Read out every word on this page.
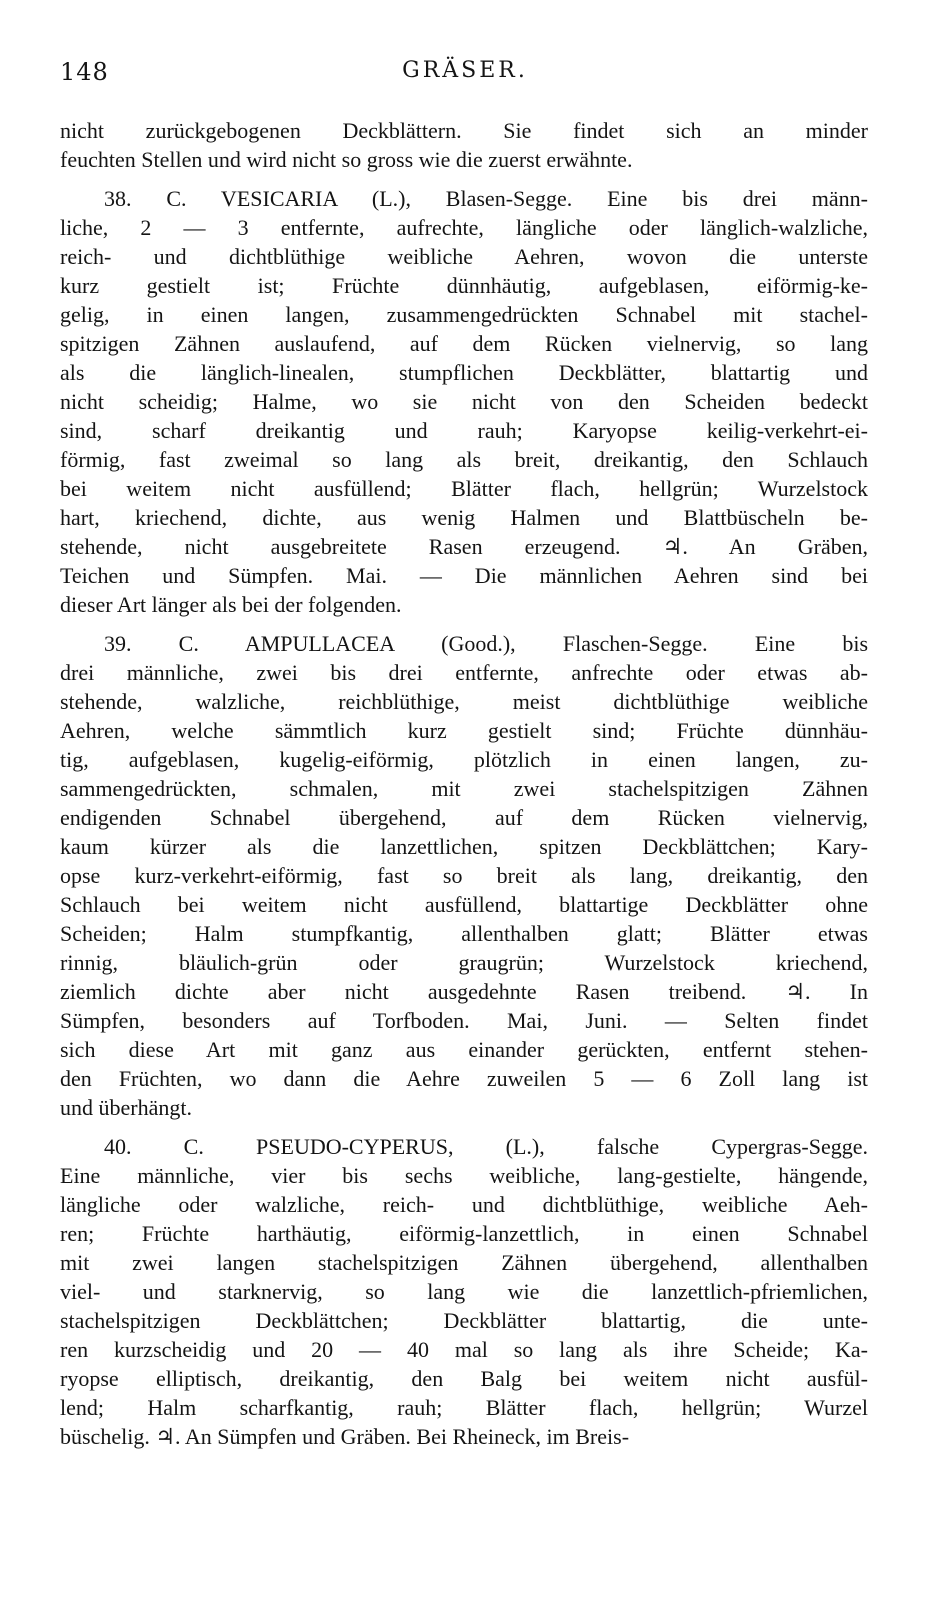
148	GRÄSER.
nicht zurückgebogenen Deckblättern. Sie findet sich an minder
feuchten Stellen und wird nicht so gross wie die zuerst erwähnte.
38. C. VESICARIA (L.), Blasen-Segge. Eine bis drei männ-
liche, 2 — 3 entfernte, aufrechte, längliche oder länglich-walzliche,
reich- und dichtblüthige weibliche Aehren, wovon die unterste
kurz gestielt ist; Früchte dünnhäutig, aufgeblasen, eiförmig-ke-
gelig, in einen langen, zusammengedrückten Schnabel mit stachel-
spitzigen Zähnen auslaufend, auf dem Rücken vielnervig, so lang
als die länglich-linealen, stumpflichen Deckblätter, blattartig und
nicht scheidig; Halme, wo sie nicht von den Scheiden bedeckt
sind, scharf dreikantig und rauh; Karyopse keilig-verkehrt-ei-
förmig, fast zweimal so lang als breit, dreikantig, den Schlauch
bei weitem nicht ausfüllend; Blätter flach, hellgrün; Wurzelstock
hart, kriechend, dichte, aus wenig Halmen und Blattbüscheln be-
stehende, nicht ausgebreitete Rasen erzeugend. ♃. An Gräben,
Teichen und Sümpfen. Mai. — Die männlichen Aehren sind bei
dieser Art länger als bei der folgenden.
39. C. AMPULLACEA (Good.), Flaschen-Segge. Eine bis
drei männliche, zwei bis drei entfernte, anfrechte oder etwas ab-
stehende, walzliche, reichblüthige, meist dichtblüthige weibliche
Aehren, welche sämmtlich kurz gestielt sind; Früchte dünnhäu-
tig, aufgeblasen, kugelig-eiförmig, plötzlich in einen langen, zu-
sammengedrückten, schmalen, mit zwei stachelspitzigen Zähnen
endigenden Schnabel übergehend, auf dem Rücken vielnervig,
kaum kürzer als die lanzettlichen, spitzen Deckblättchen; Kary-
opse kurz-verkehrt-eiförmig, fast so breit als lang, dreikantig, den
Schlauch bei weitem nicht ausfüllend, blattartige Deckblätter ohne
Scheiden; Halm stumpfkantig, allenthalben glatt; Blätter etwas
rinnig, bläulich-grün oder graugrün; Wurzelstock kriechend,
ziemlich dichte aber nicht ausgedehnte Rasen treibend. ♃. In
Sümpfen, besonders auf Torfboden. Mai, Juni. — Selten findet
sich diese Art mit ganz aus einander gerückten, entfernt stehen-
den Früchten, wo dann die Aehre zuweilen 5 — 6 Zoll lang ist
und überhängt.
40. C. PSEUDO-CYPERUS, (L.), falsche Cypergras-Segge.
Eine männliche, vier bis sechs weibliche, lang-gestielte, hängende,
längliche oder walzliche, reich- und dichtblüthige, weibliche Aeh-
ren; Früchte harthäutig, eiförmig-lanzettlich, in einen Schnabel
mit zwei langen stachelspitzigen Zähnen übergehend, allenthalben
viel- und starknervig, so lang wie die lanzettlich-pfriemlichen,
stachelspitzigen Deckblättchen; Deckblätter blattartig, die unte-
ren kurzscheidig und 20 — 40 mal so lang als ihre Scheide; Ka-
ryopse elliptisch, dreikantig, den Balg bei weitem nicht ausfül-
lend; Halm scharfkantig, rauh; Blätter flach, hellgrün; Wurzel
büschelig. ♃. An Sümpfen und Gräben. Bei Rheineck, im Breis-
